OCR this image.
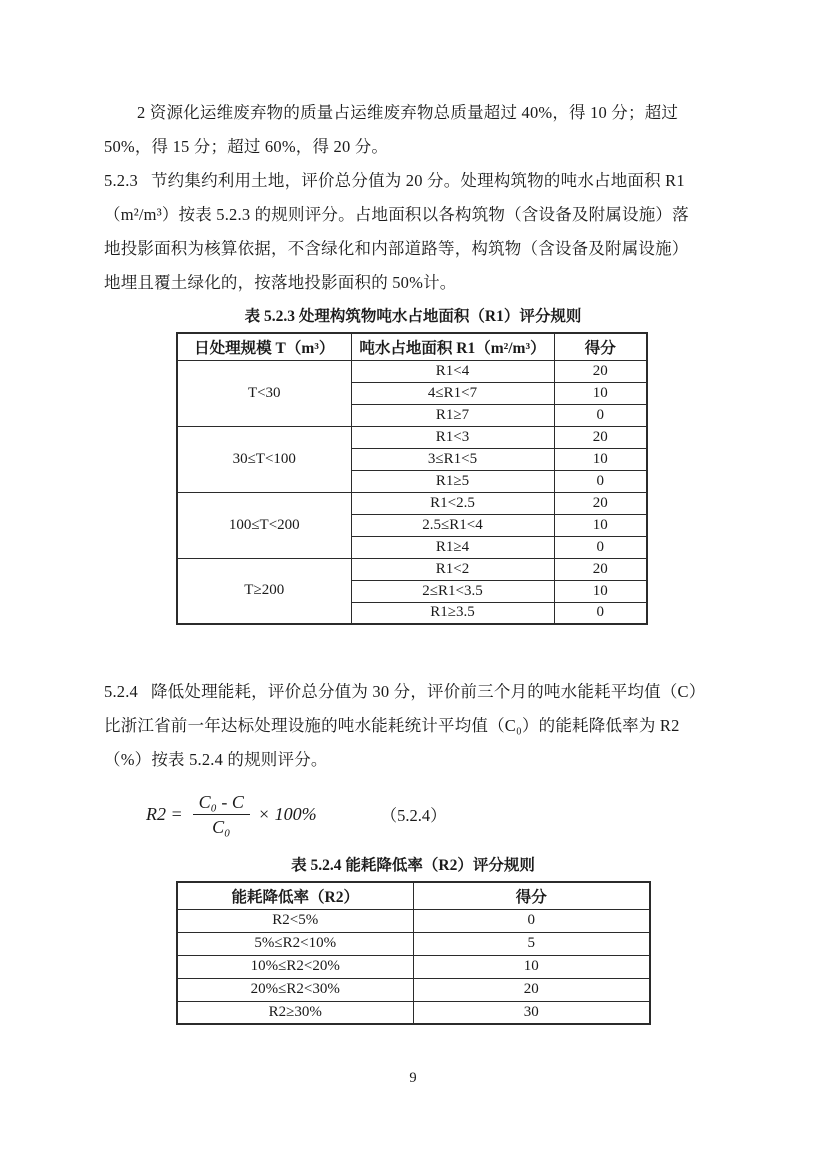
2 资源化运维废弃物的质量占运维废弃物总质量超过 40%，得 10 分；超过
50%，得 15 分；超过 60%，得 20 分。
5.2.3   节约集约利用土地，评价总分值为 20 分。处理构筑物的吨水占地面积 R1
（m²/m³）按表 5.2.3 的规则评分。占地面积以各构筑物（含设备及附属设施）落
地投影面积为核算依据，不含绿化和内部道路等，构筑物（含设备及附属设施）
地埋且覆土绿化的，按落地投影面积的 50%计。
表 5.2.3 处理构筑物吨水占地面积（R1）评分规则
日处理规模 T（m³）	吨水占地面积 R1（m²/m³）	得分
T<30	R1<4	20
	4≤R1<7	10
	R1≥7	0
30≤T<100	R1<3	20
	3≤R1<5	10
	R1≥5	0
100≤T<200	R1<2.5	20
	2.5≤R1<4	10
	R1≥4	0
T≥200	R1<2	20
	2≤R1<3.5	10
	R1≥3.5	0
5.2.4   降低处理能耗，评价总分值为 30 分，评价前三个月的吨水能耗平均值（C）
比浙江省前一年达标处理设施的吨水能耗统计平均值（C₀）的能耗降低率为 R2
（%）按表 5.2.4 的规则评分。
$R2 = \frac{\text{C₀ - C}}{\text{C₀}} \times 100\%$	（5.2.4）
表 5.2.4 能耗降低率（R2）评分规则
能耗降低率（R2）	得分
R2<5%	0
5%≤R2<10%	5
10%≤R2<20%	10
20%≤R2<30%	20
R2≥30%	30
9
